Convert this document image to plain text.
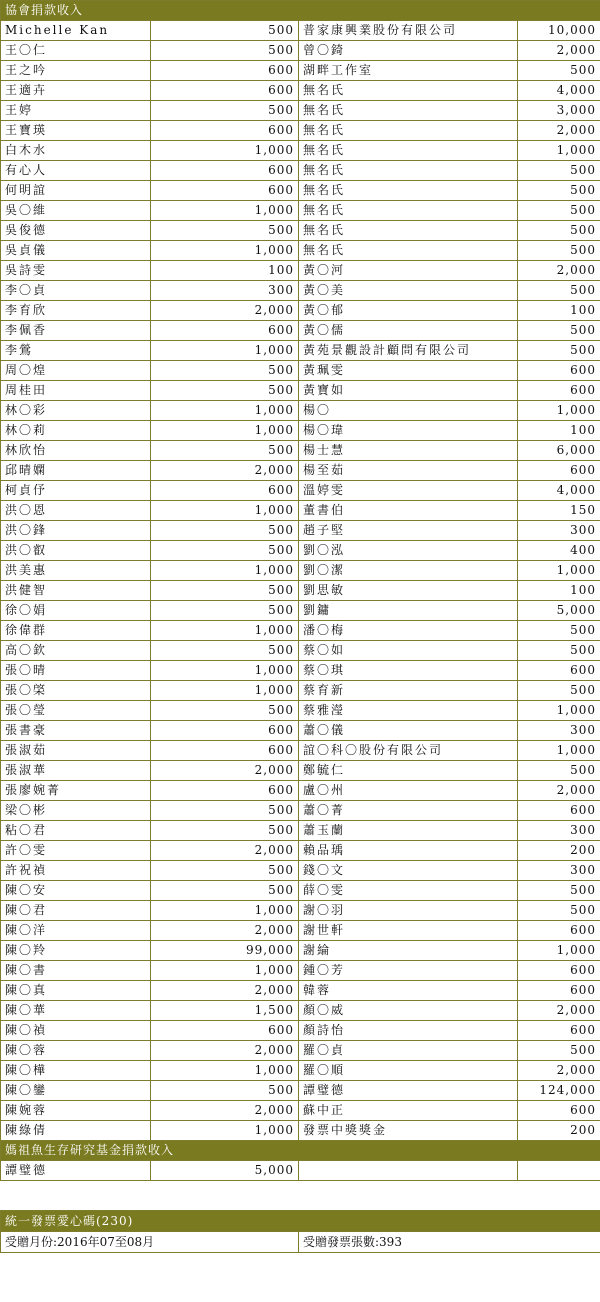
協會捐款收入			
Michelle Kan	500	普家康興業股份有限公司	10,000
王〇仁	500	曾〇錡	2,000
王之吟	600	湖畔工作室	500
王適卉	600	無名氏	4,000
王婷	500	無名氏	3,000
王寶瑛	600	無名氏	2,000
白木水	1,000	無名氏	1,000
有心人	600	無名氏	500
何明誼	600	無名氏	500
吳〇維	1,000	無名氏	500
吳俊德	500	無名氏	500
吳貞儀	1,000	無名氏	500
吳詩雯	100	黃〇河	2,000
李〇貞	300	黃〇美	500
李育欣	2,000	黃〇郁	100
李佩香	600	黃〇儒	500
李鶯	1,000	黃苑景觀設計顧問有限公司	500
周〇煌	500	黃珮雯	600
周桂田	500	黃寶如	600
林〇彩	1,000	楊〇	1,000
林〇莉	1,000	楊〇瑋	100
林欣怡	500	楊士慧	6,000
邱晴嫻	2,000	楊至茹	600
柯貞伃	600	溫婷雯	4,000
洪〇恩	1,000	董書伯	150
洪〇鋒	500	趙子堅	300
洪〇叡	500	劉〇泓	400
洪美惠	1,000	劉〇潔	1,000
洪健智	500	劉思敏	100
徐〇娟	500	劉鏞	5,000
徐偉群	1,000	潘〇梅	500
高〇欽	500	蔡〇如	500
張〇晴	1,000	蔡〇琪	600
張〇棨	1,000	蔡育新	500
張〇瑩	500	蔡雅瀅	1,000
張書豪	600	蕭〇儀	300
張淑茹	600	誼〇科〇股份有限公司	1,000
張淑華	2,000	鄭毓仁	500
張廖婉菁	600	盧〇州	2,000
梁〇彬	500	蕭〇菁	600
粘〇君	500	蕭玉蘭	300
許〇雯	2,000	賴品瑀	200
許祝禎	500	錢〇文	300
陳〇安	500	薛〇雯	500
陳〇君	1,000	謝〇羽	500
陳〇洋	2,000	謝世軒	600
陳〇羚	99,000	謝綸	1,000
陳〇書	1,000	鍾〇芳	600
陳〇真	2,000	韓蓉	600
陳〇華	1,500	顏〇威	2,000
陳〇禎	600	顏詩怡	600
陳〇蓉	2,000	羅〇貞	500
陳〇樺	1,000	羅〇順	2,000
陳〇鑾	500	譚璧德	124,000
陳婉蓉	2,000	蘇中正	600
陳綠倩	1,000	發票中獎獎金	200
媽祖魚生存研究基金捐款收入			
譚璧德	5,000		
統一發票愛心碼(230)
受贈月份:2016年07至08月	受贈發票張數:393
